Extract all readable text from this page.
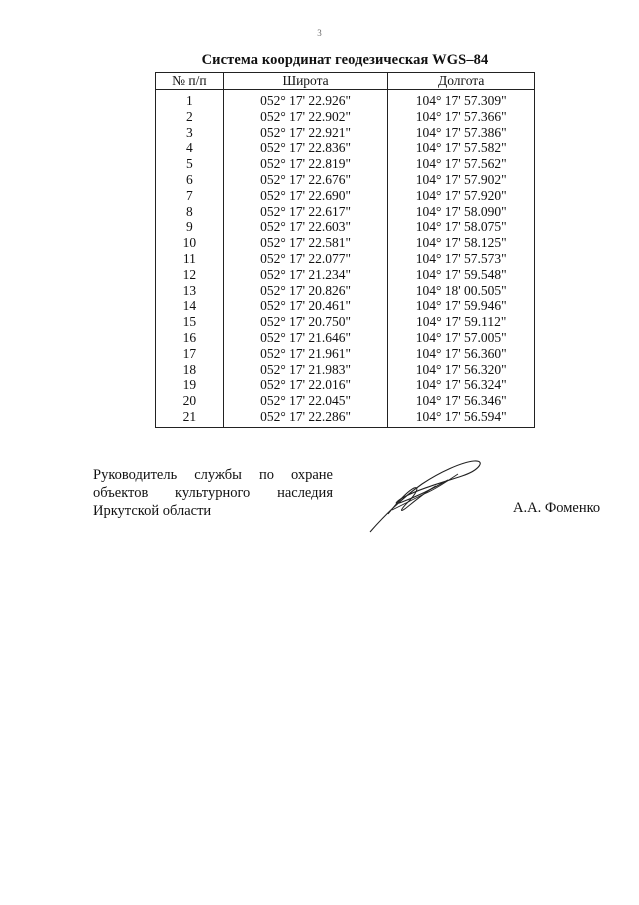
3
Система координат геодезическая WGS–84
№ п/п	Широта	Долгота
1	052° 17' 22.926"	104° 17' 57.309"
2	052° 17' 22.902"	104° 17' 57.366"
3	052° 17' 22.921"	104° 17' 57.386"
4	052° 17' 22.836"	104° 17' 57.582"
5	052° 17' 22.819"	104° 17' 57.562"
6	052° 17' 22.676"	104° 17' 57.902"
7	052° 17' 22.690"	104° 17' 57.920"
8	052° 17' 22.617"	104° 17' 58.090"
9	052° 17' 22.603"	104° 17' 58.075"
10	052° 17' 22.581"	104° 17' 58.125"
11	052° 17' 22.077"	104° 17' 57.573"
12	052° 17' 21.234"	104° 17' 59.548"
13	052° 17' 20.826"	104° 18' 00.505"
14	052° 17' 20.461"	104° 17' 59.946"
15	052° 17' 20.750"	104° 17' 59.112"
16	052° 17' 21.646"	104° 17' 57.005"
17	052° 17' 21.961"	104° 17' 56.360"
18	052° 17' 21.983"	104° 17' 56.320"
19	052° 17' 22.016"	104° 17' 56.324"
20	052° 17' 22.045"	104° 17' 56.346"
21	052° 17' 22.286"	104° 17' 56.594"
Руководитель службы по охране
объектов культурного наследия
Иркутской области	А.А. Фоменко
